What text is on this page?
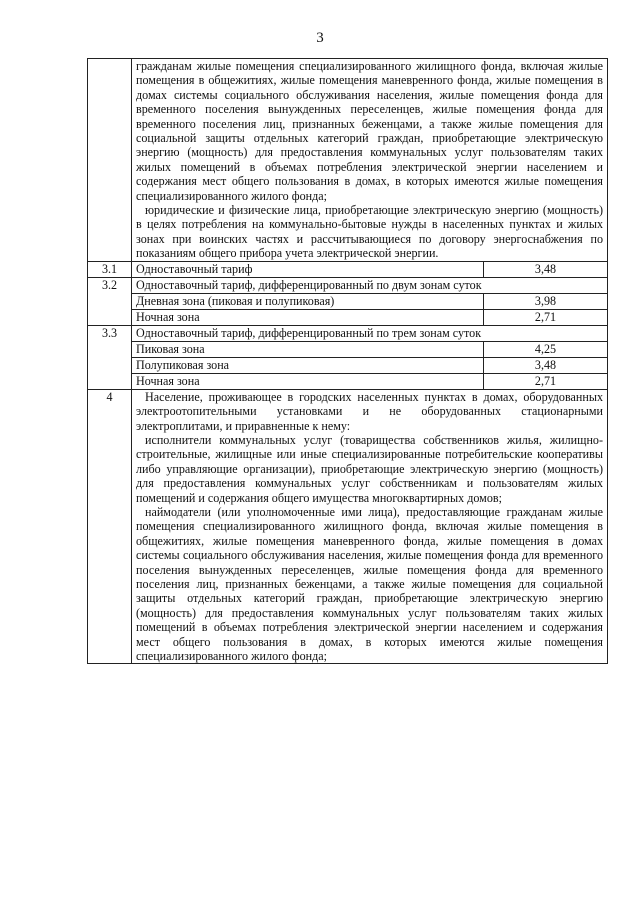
3

	гражданам жилые помещения специализированного жилищного фонда, включая жилые помещения в общежитиях, жилые помещения маневренного фонда, жилые помещения в домах системы социального обслуживания населения, жилые помещения фонда для временного поселения вынужденных переселенцев, жилые помещения фонда для временного поселения лиц, признанных беженцами, а также жилые помещения для социальной защиты отдельных категорий граждан, приобретающие электрическую энергию (мощность) для предоставления коммунальных услуг пользователям таких жилых помещений в объемах потребления электрической энергии населением и содержания мест общего пользования в домах, в которых имеются жилые помещения специализированного жилого фонда;

юридические и физические лица, приобретающие электрическую энергию (мощность) в целях потребления на коммунально-бытовые нужды в населенных пунктах и жилых зонах при воинских частях и рассчитывающиеся по договору энергоснабжения по показаниям общего прибора учета электрической энергии.	

3.1	Одноставочный тариф	3,48
3.2	Одноставочный тариф, дифференцированный по двум зонам суток	
	Дневная зона (пиковая и полупиковая)	3,98
	Ночная зона	2,71
3.3	Одноставочный тариф, дифференцированный по трем зонам суток	
	Пиковая зона	4,25
	Полупиковая зона	3,48
	Ночная зона	2,71
4	Население, проживающее в городских населенных пунктах в домах, оборудованных электроотопительными установками и не оборудованных стационарными электроплитами, и приравненные к нему:

исполнители коммунальных услуг (товарищества собственников жилья, жилищно-строительные, жилищные или иные специализированные потребительские кооперативы либо управляющие организации), приобретающие электрическую энергию (мощность) для предоставления коммунальных услуг собственникам и пользователям жилых помещений и содержания общего имущества многоквартирных домов;

наймодатели (или уполномоченные ими лица), предоставляющие гражданам жилые помещения специализированного жилищного фонда, включая жилые помещения в общежитиях, жилые помещения маневренного фонда, жилые помещения в домах системы социального обслуживания населения, жилые помещения фонда для временного поселения вынужденных переселенцев, жилые помещения фонда для временного поселения лиц, признанных беженцами, а также жилые помещения для социальной защиты отдельных категорий граждан, приобретающие электрическую энергию (мощность) для предоставления коммунальных услуг пользователям таких жилых помещений в объемах потребления электрической энергии населением и содержания мест общего пользования в домах, в которых имеются жилые помещения специализированного жилого фонда;	
